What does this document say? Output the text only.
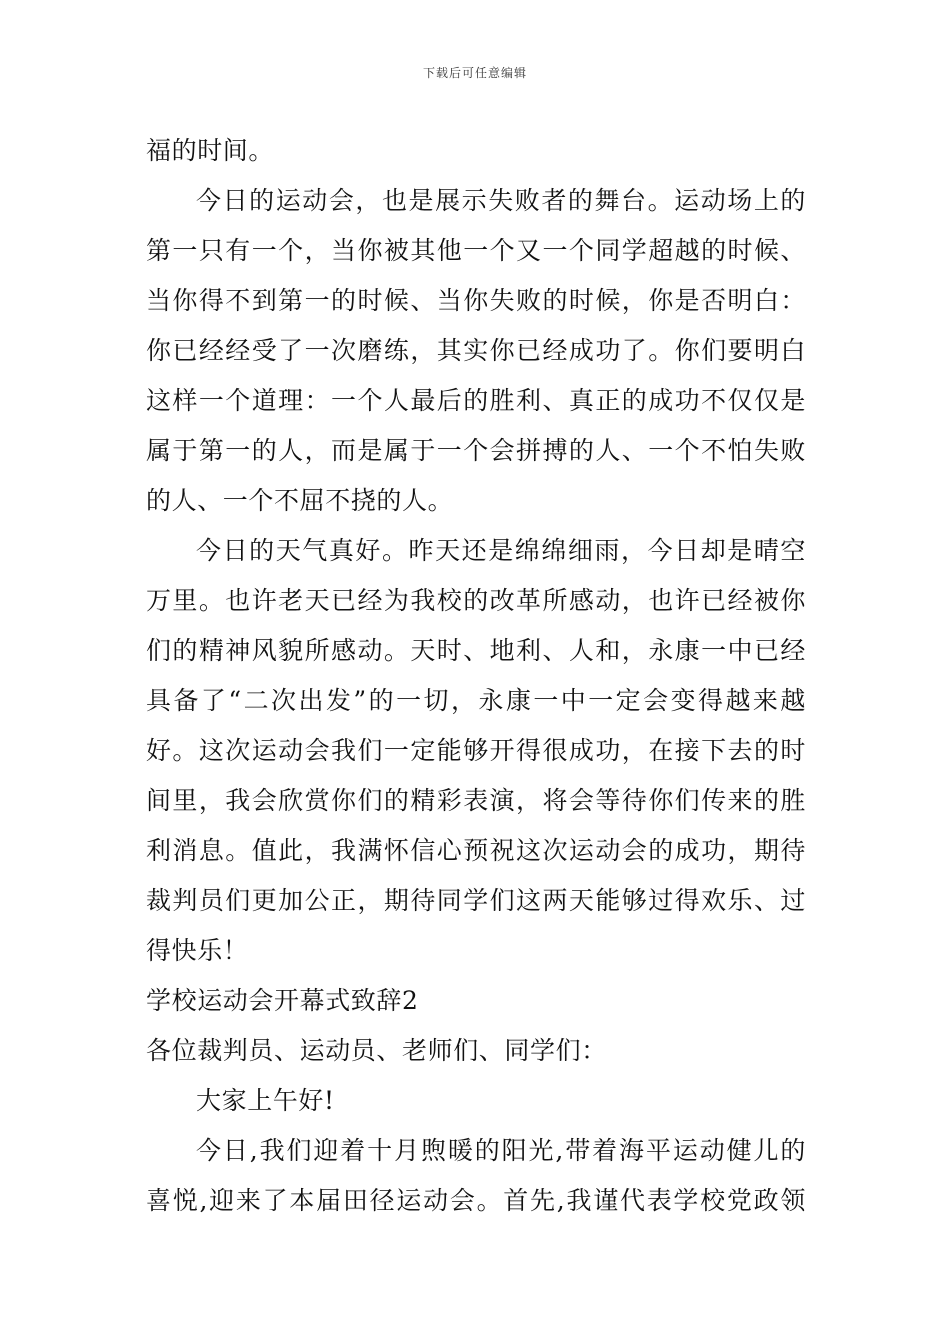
下载后可任意编辑
福的时间。
今日的运动会，也是展示失败者的舞台。运动场上的
第一只有一个，当你被其他一个又一个同学超越的时候、
当你得不到第一的时候、当你失败的时候，你是否明白：
你已经经受了一次磨练，其实你已经成功了。你们要明白
这样一个道理：一个人最后的胜利、真正的成功不仅仅是
属于第一的人，而是属于一个会拼搏的人、一个不怕失败
的人、一个不屈不挠的人。
今日的天气真好。昨天还是绵绵细雨，今日却是晴空
万里。也许老天已经为我校的改革所感动，也许已经被你
们的精神风貌所感动。天时、地利、人和，永康一中已经
具备了“二次出发”的一切，永康一中一定会变得越来越
好。这次运动会我们一定能够开得很成功，在接下去的时
间里，我会欣赏你们的精彩表演，将会等待你们传来的胜
利消息。值此，我满怀信心预祝这次运动会的成功，期待
裁判员们更加公正，期待同学们这两天能够过得欢乐、过
得快乐！
学校运动会开幕式致辞2
各位裁判员、运动员、老师们、同学们：
大家上午好!
今日,我们迎着十月煦暖的阳光,带着海平运动健儿的
喜悦,迎来了本届田径运动会。首先,我谨代表学校党政领
